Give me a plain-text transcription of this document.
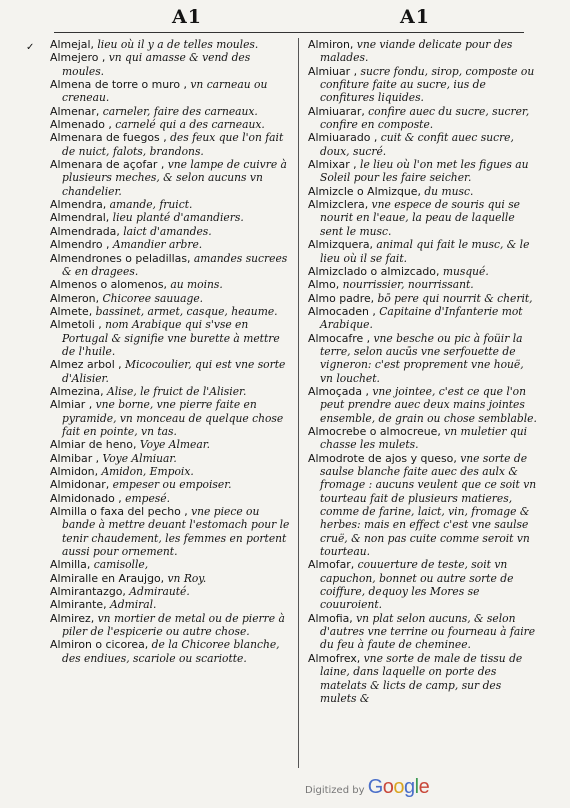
A1	A1
✓ Almejal, lieu où il y a de telles moules.

Almejero , vn qui amasse & vend des moules.

Almena de torre o muro , vn carneau ou creneau.

Almenar, carneler, faire des carneaux.

Almenado , carnelé qui a des carneaux.

Almenara de fuegos , des feux que l'on fait de nuict, falots, brandons.

Almenara de açofar , vne lampe de cuivre à plusieurs meches, & selon aucuns vn chandelier.

Almendra, amande, fruict.

Almendral, lieu planté d'amandiers.

Almendrada, laict d'amandes.

Almendro , Amandier arbre.

Almendrones o peladillas, amandes sucrees & en dragees.

Almenos o alomenos, au moins.

Almeron, Chicoree sauuage.

Almete, bassinet, armet, casque, heaume.

Almetoli , nom Arabique qui s'vse en Portugal & signifie vne burette à mettre de l'huile.

Almez arbol , Micocoulier, qui est vne sorte d'Alisier.

Almezina, Alise, le fruict de l'Alisier.

Almiar , vne borne, vne pierre faite en pyramide, vn monceau de quelque chose fait en pointe, vn tas.

Almiar de heno, Voye Almear.

Almibar , Voye Almiuar.

Almidon, Amidon, Empoix.

Almidonar, empeser ou empoiser.

Almidonado , empesé.

Almilla o faxa del pecho , vne piece ou bande à mettre deuant l'estomach pour le tenir chaudement, les femmes en portent aussi pour ornement.

Almilla, camisolle,

Almiralle en Araujgo, vn Roy.

Almirantazgo, Admirauté.

Almirante, Admiral.

Almirez, vn mortier de metal ou de pierre à piler de l'espicerie ou autre chose.

Almiron o cicorea, de la Chicoree blanche, des endiues, scariole ou scariotte.

Almiron, vne viande delicate pour des malades.

Almiuar , sucre fondu, sirop, composte ou confiture faite au sucre, ius de confitures liquides.

Almiuarar, confire auec du sucre, sucrer, confire en composte.

Almiuarado , cuit & confit auec sucre, doux, sucré.

Almixar , le lieu où l'on met les figues au Soleil pour les faire seicher.

Almizcle o Almizque, du musc.

Almizclera, vne espece de souris qui se nourit en l'eaue, la peau de laquelle sent le musc.

Almizquera, animal qui fait le musc, & le lieu où il se fait.

Almizclado o almizcado, musqué.

Almo, nourrissier, nourrissant.

Almo padre, bō pere qui nourrit & cherit,

Almocaden , Capitaine d'Infanterie mot Arabique.

Almocafre , vne besche ou pic à foüir la terre, selon aucūs vne serfouette de vigneron: c'est proprement vne houë, vn louchet.

Almoçada , vne jointee, c'est ce que l'on peut prendre auec deux mains jointes ensemble, de grain ou chose semblable.

Almocrebe o almocreue, vn muletier qui chasse les mulets.

Almodrote de ajos y queso, vne sorte de saulse blanche faite auec des aulx & fromage : aucuns veulent que ce soit vn tourteau fait de plusieurs matieres, comme de farine, laict, vin, fromage & herbes: mais en effect c'est vne saulse cruë, & non pas cuite comme seroit vn tourteau.

Almofar, couuerture de teste, soit vn capuchon, bonnet ou autre sorte de coiffure, dequoy les Mores se couuroient.

Almofia, vn plat selon aucuns, & selon d'autres vne terrine ou fourneau à faire du feu à faute de cheminee.

Almofrex, vne sorte de male de tissu de laine, dans laquelle on porte des matelats & licts de camp, sur des mulets &

Digitized by Google
